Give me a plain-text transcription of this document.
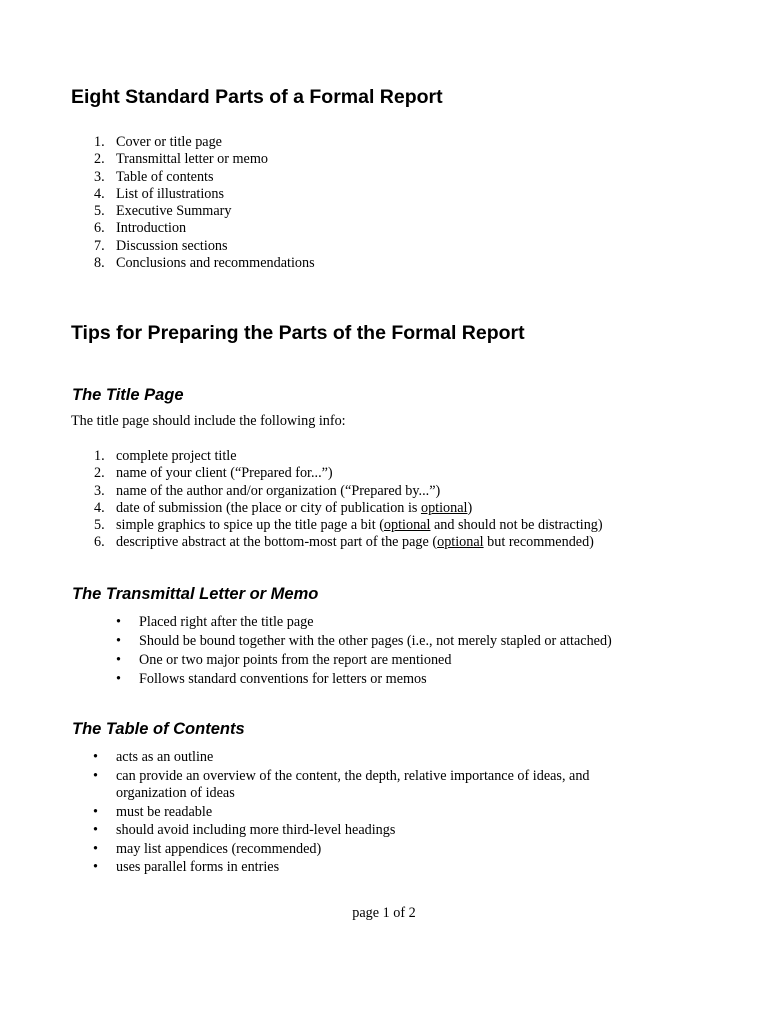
Eight Standard Parts of a Formal Report
1. Cover or title page
2. Transmittal letter or memo
3. Table of contents
4. List of illustrations
5. Executive Summary
6. Introduction
7. Discussion sections
8. Conclusions and recommendations
Tips for Preparing the Parts of the Formal Report
The Title Page
The title page should include the following info:
1. complete project title
2. name of your client (“Prepared for...”)
3. name of the author and/or organization (“Prepared by...”)
4. date of submission (the place or city of publication is optional)
5. simple graphics to spice up the title page a bit (optional and should not be distracting)
6. descriptive abstract at the bottom-most part of the page (optional but recommended)
The Transmittal Letter or Memo
•	Placed right after the title page
•	Should be bound together with the other pages (i.e., not merely stapled or attached)
•	One or two major points from the report are mentioned
•	Follows standard conventions for letters or memos
The Table of Contents
•	acts as an outline
•	can provide an overview of the content, the depth, relative importance of ideas, and organization of ideas
•	must be readable
•	should avoid including more third-level headings
•	may list appendices (recommended)
•	uses parallel forms in entries
page 1 of 2
